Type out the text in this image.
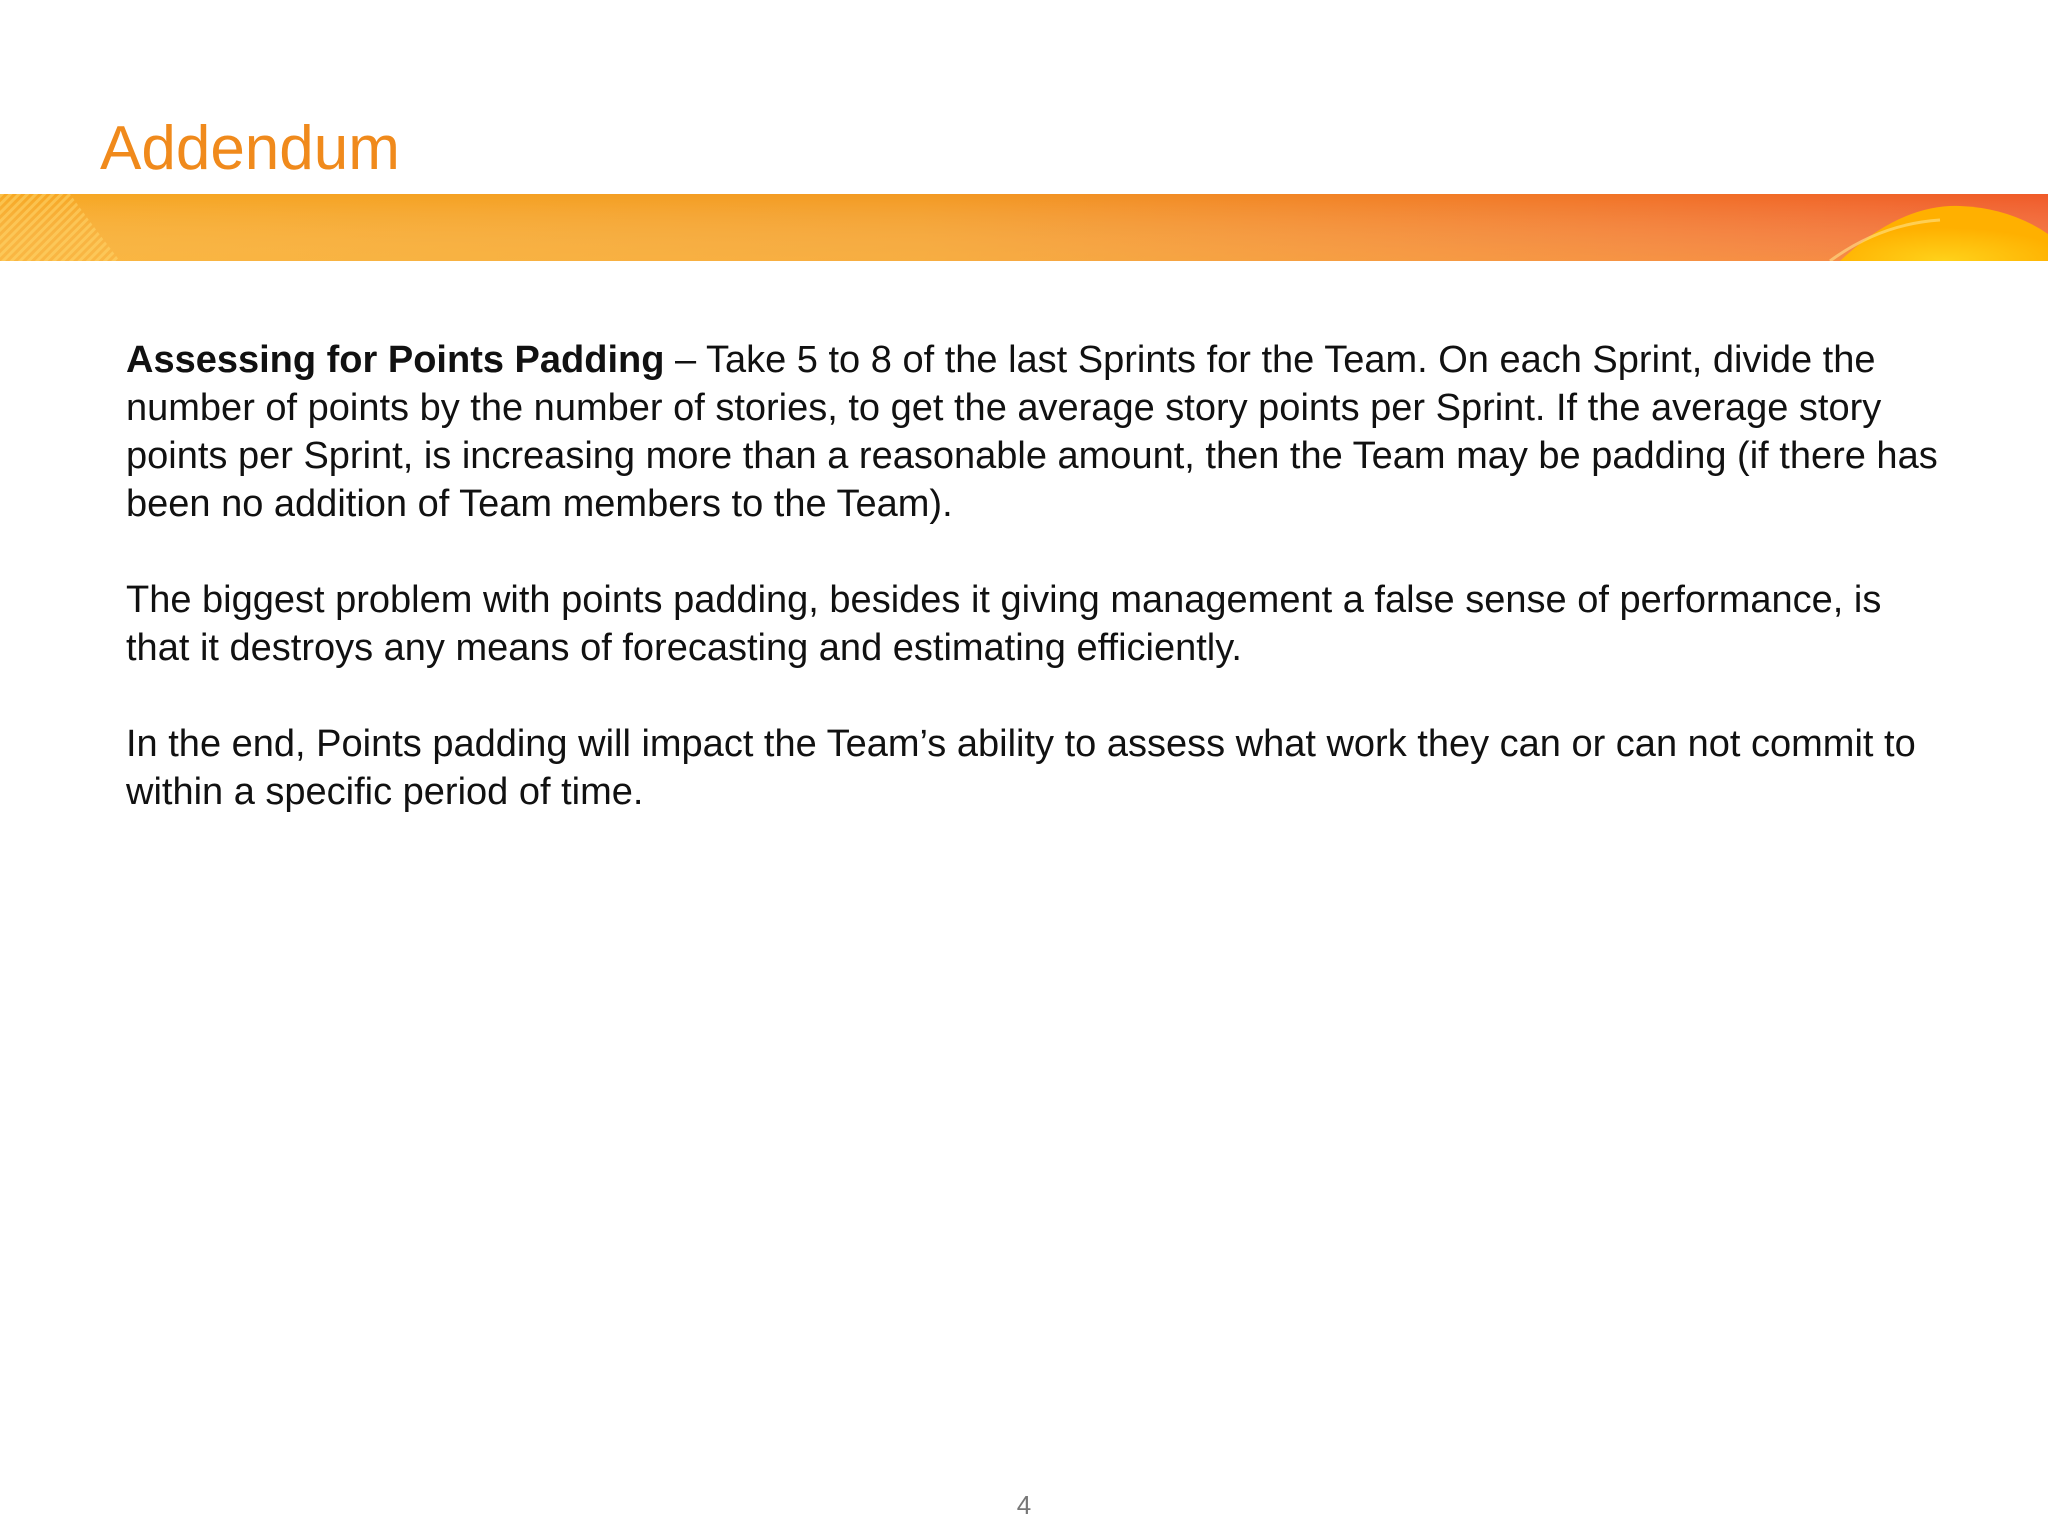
Addendum

Assessing for Points Padding – Take 5 to 8 of the last Sprints for the Team. On each Sprint, divide the number of points by the number of stories, to get the average story points per Sprint. If the average story points per Sprint, is increasing more than a reasonable amount, then the Team may be padding (if there has been no addition of Team members to the Team).

The biggest problem with points padding, besides it giving management a false sense of performance, is that it destroys any means of forecasting and estimating efficiently.

In the end, Points padding will impact the Team’s ability to assess what work they can or can not commit to within a specific period of time.

4
